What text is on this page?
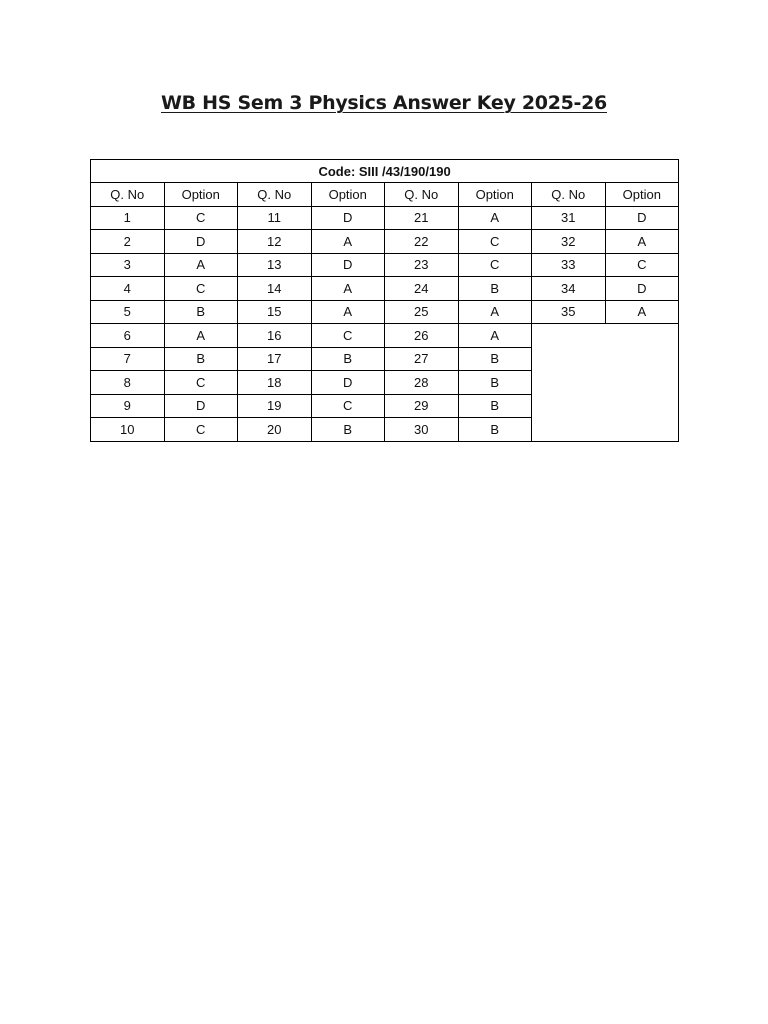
WB HS Sem 3 Physics Answer Key 2025-26
Code: SIII /43/190/190							
Q. No	Option	Q. No	Option	Q. No	Option	Q. No	Option
1	C	11	D	21	A	31	D
2	D	12	A	22	C	32	A
3	A	13	D	23	C	33	C
4	C	14	A	24	B	34	D
5	B	15	A	25	A	35	A
6	A	16	C	26	A		
7	B	17	B	27	B		
8	C	18	D	28	B		
9	D	19	C	29	B		
10	C	20	B	30	B		
